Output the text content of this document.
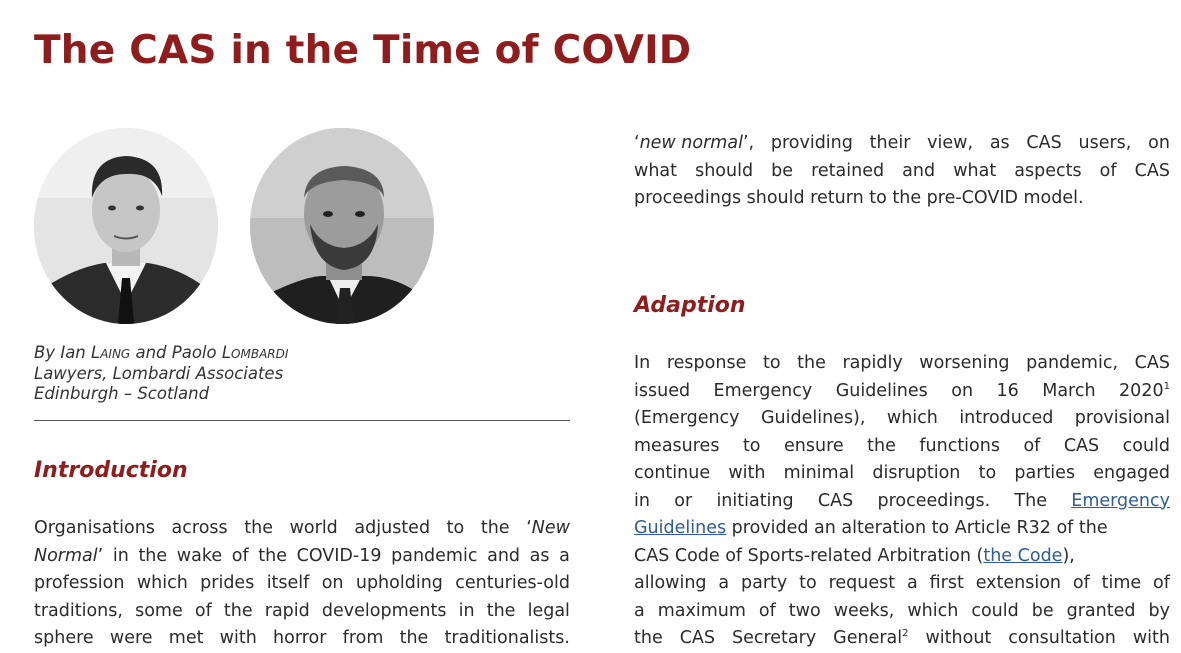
The CAS in the Time of COVID
By Ian Laing and Paolo Lombardi
Lawyers, Lombardi Associates
Edinburgh – Scotland
Introduction
Organisations across the world adjusted to the ‘New
Normal’ in the wake of the COVID-19 pandemic and as a
profession which prides itself on upholding centuries-old
traditions, some of the rapid developments in the legal
sphere were met with horror from the traditionalists.
‘new normal’, providing their view, as CAS users, on
what should be retained and what aspects of CAS
proceedings should return to the pre-COVID model.
Adaption
In response to the rapidly worsening pandemic, CAS
issued Emergency Guidelines on 16 March 2020$^1$
(Emergency Guidelines), which introduced provisional
measures to ensure the functions of CAS could
continue with minimal disruption to parties engaged
in or initiating CAS proceedings. The Emergency
Guidelines provided an alteration to Article R32 of the
CAS Code of Sports-related Arbitration ( the Code ),
allowing a party to request a first extension of time of
a maximum of two weeks, which could be granted by
the CAS Secretary General$^2$ without consultation with
